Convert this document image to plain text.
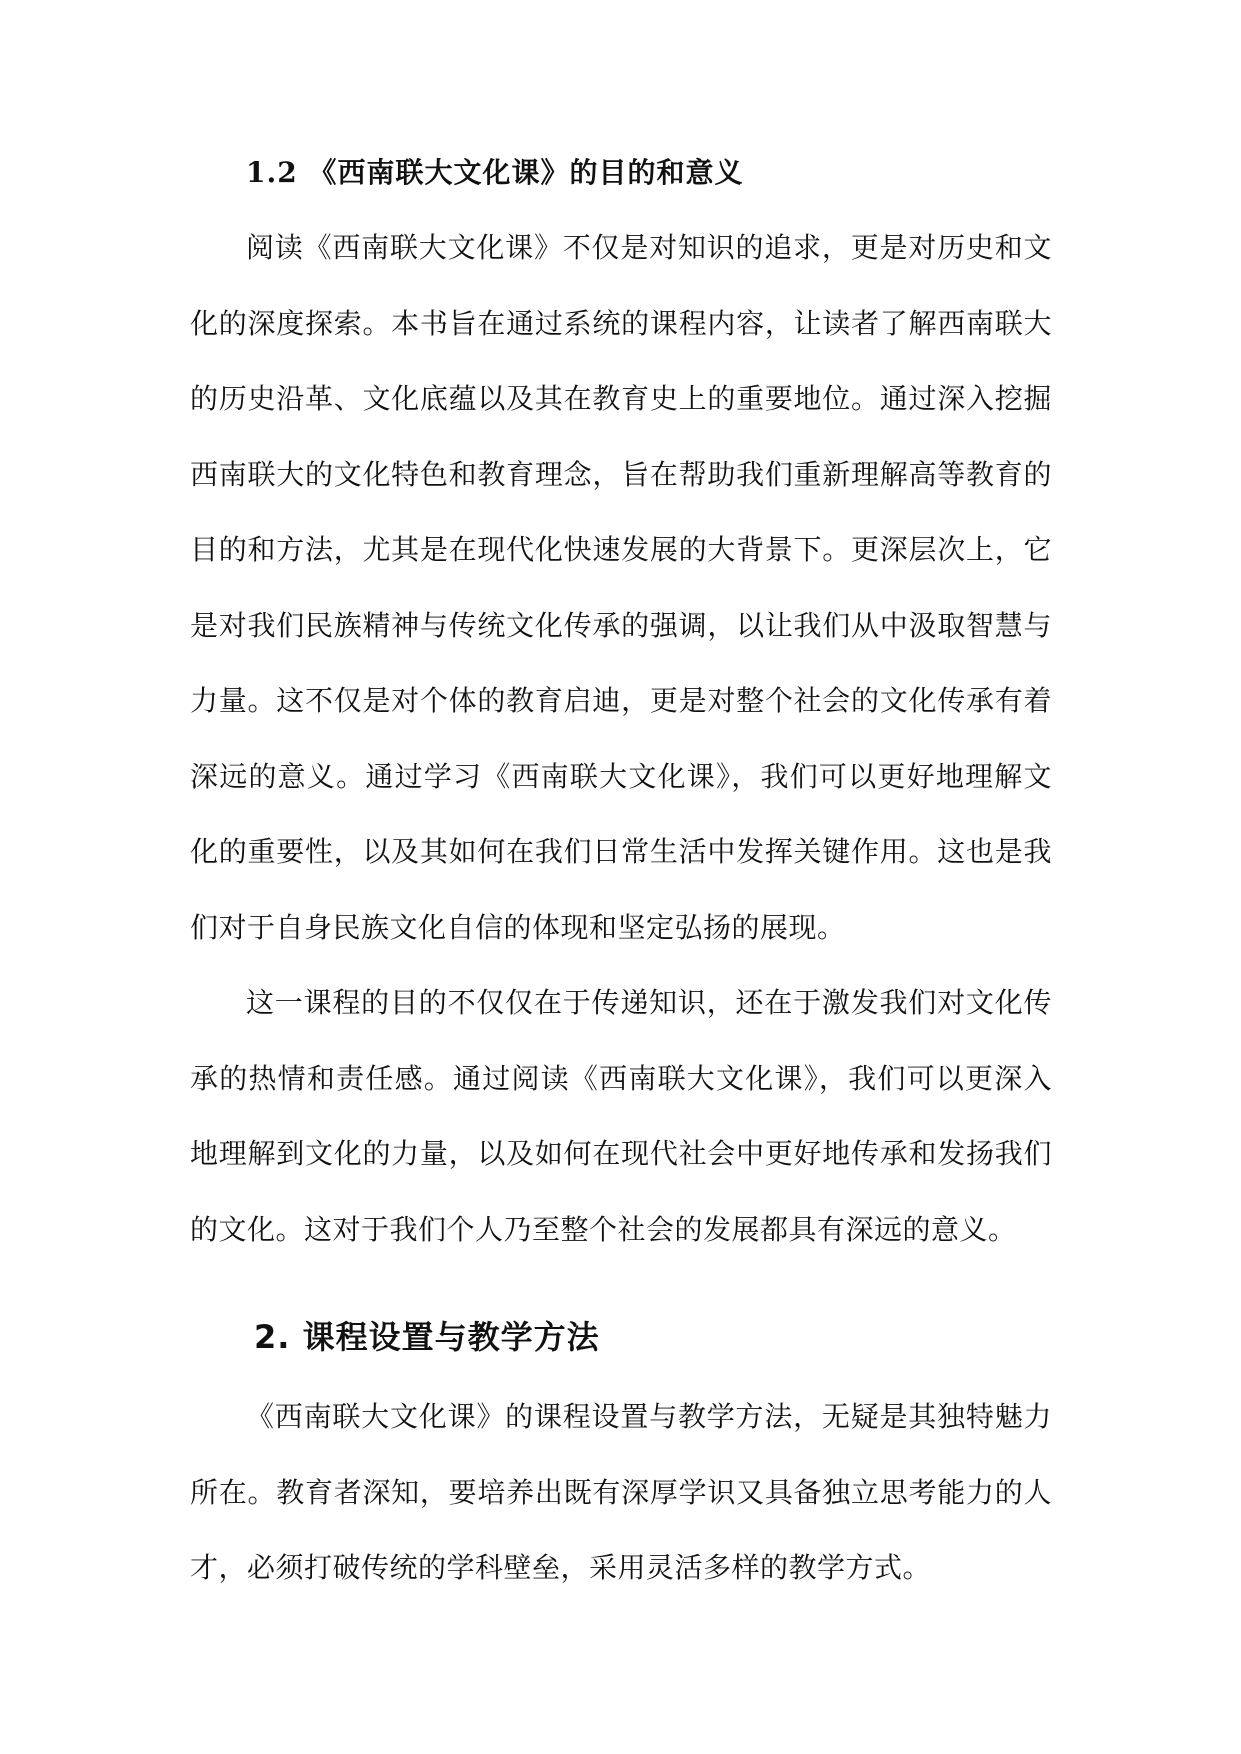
1.2 《西南联大文化课》的目的和意义

阅读《西南联大文化课》不仅是对知识的追求，更是对历史和文化的深度探索。本书旨在通过系统的课程内容，让读者了解西南联大的历史沿革、文化底蕴以及其在教育史上的重要地位。通过深入挖掘西南联大的文化特色和教育理念，旨在帮助我们重新理解高等教育的目的和方法，尤其是在现代化快速发展的大背景下。更深层次上，它是对我们民族精神与传统文化传承的强调，以让我们从中汲取智慧与力量。这不仅是对个体的教育启迪，更是对整个社会的文化传承有着深远的意义。通过学习《西南联大文化课》，我们可以更好地理解文化的重要性，以及其如何在我们日常生活中发挥关键作用。这也是我们对于自身民族文化自信的体现和坚定弘扬的展现。

这一课程的目的不仅仅在于传递知识，还在于激发我们对文化传承的热情和责任感。通过阅读《西南联大文化课》，我们可以更深入地理解到文化的力量，以及如何在现代社会中更好地传承和发扬我们的文化。这对于我们个人乃至整个社会的发展都具有深远的意义。

2. 课程设置与教学方法

《西南联大文化课》的课程设置与教学方法，无疑是其独特魅力所在。教育者深知，要培养出既有深厚学识又具备独立思考能力的人才，必须打破传统的学科壁垒，采用灵活多样的教学方式。
